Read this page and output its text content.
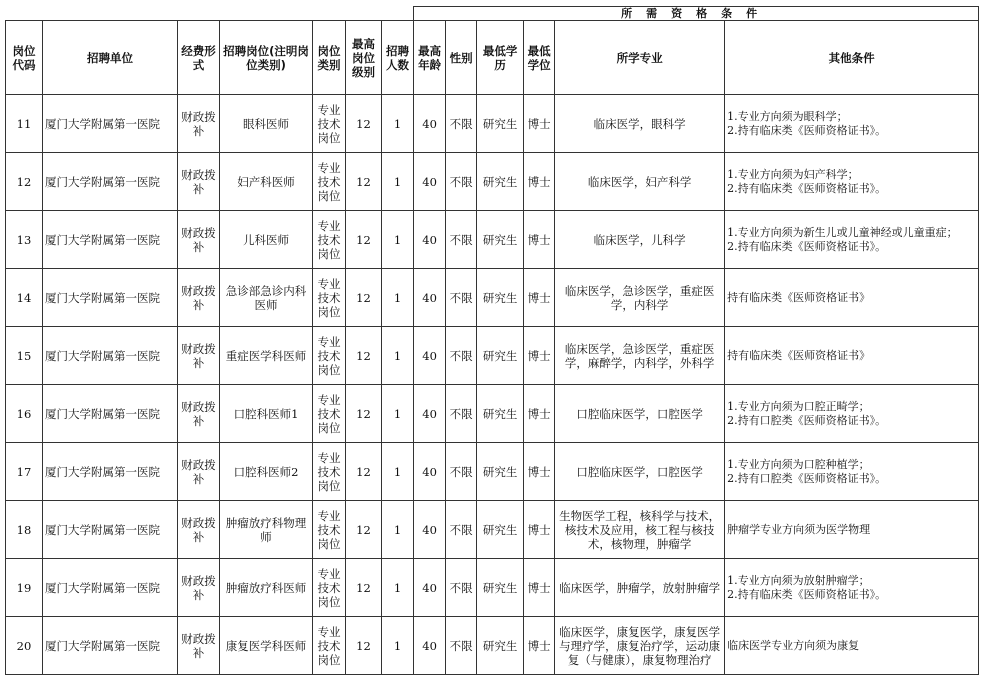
							所需资格条件					
岗位代码	招聘单位	经费形式	招聘岗位(注明岗位类别)	岗位类别	最高岗位级别	招聘人数	最高年龄	性别	最低学历	最低学位	所学专业	其他条件
11	厦门大学附属第一医院	财政拨补	眼科医师	专业技术岗位	12	1	40	不限	研究生	博士	临床医学，眼科学	1.专业方向须为眼科学；
2.持有临床类《医师资格证书》。

12	厦门大学附属第一医院	财政拨补	妇产科医师	专业技术岗位	12	1	40	不限	研究生	博士	临床医学，妇产科学	1.专业方向须为妇产科学；
2.持有临床类《医师资格证书》。

13	厦门大学附属第一医院	财政拨补	儿科医师	专业技术岗位	12	1	40	不限	研究生	博士	临床医学，儿科学	1.专业方向须为新生儿或儿童神经或儿童重症；
2.持有临床类《医师资格证书》。

14	厦门大学附属第一医院	财政拨补	急诊部急诊内科医师	专业技术岗位	12	1	40	不限	研究生	博士	临床医学，急诊医学，重症医学，内科学	持有临床类《医师资格证书》

15	厦门大学附属第一医院	财政拨补	重症医学科医师	专业技术岗位	12	1	40	不限	研究生	博士	临床医学，急诊医学，重症医学，麻醉学，内科学，外科学	持有临床类《医师资格证书》

16	厦门大学附属第一医院	财政拨补	口腔科医师1	专业技术岗位	12	1	40	不限	研究生	博士	口腔临床医学，口腔医学	1.专业方向须为口腔正畸学；
2.持有口腔类《医师资格证书》。

17	厦门大学附属第一医院	财政拨补	口腔科医师2	专业技术岗位	12	1	40	不限	研究生	博士	口腔临床医学，口腔医学	1.专业方向须为口腔种植学；
2.持有口腔类《医师资格证书》。

18	厦门大学附属第一医院	财政拨补	肿瘤放疗科物理师	专业技术岗位	12	1	40	不限	研究生	博士	生物医学工程，核科学与技术，核技术及应用，核工程与核技术，核物理，肿瘤学	肿瘤学专业方向须为医学物理

19	厦门大学附属第一医院	财政拨补	肿瘤放疗科医师	专业技术岗位	12	1	40	不限	研究生	博士	临床医学，肿瘤学，放射肿瘤学	1.专业方向须为放射肿瘤学；
2.持有临床类《医师资格证书》。

20	厦门大学附属第一医院	财政拨补	康复医学科医师	专业技术岗位	12	1	40	不限	研究生	博士	临床医学，康复医学，康复医学与理疗学，康复治疗学，运动康复（与健康），康复物理治疗	临床医学专业方向须为康复
